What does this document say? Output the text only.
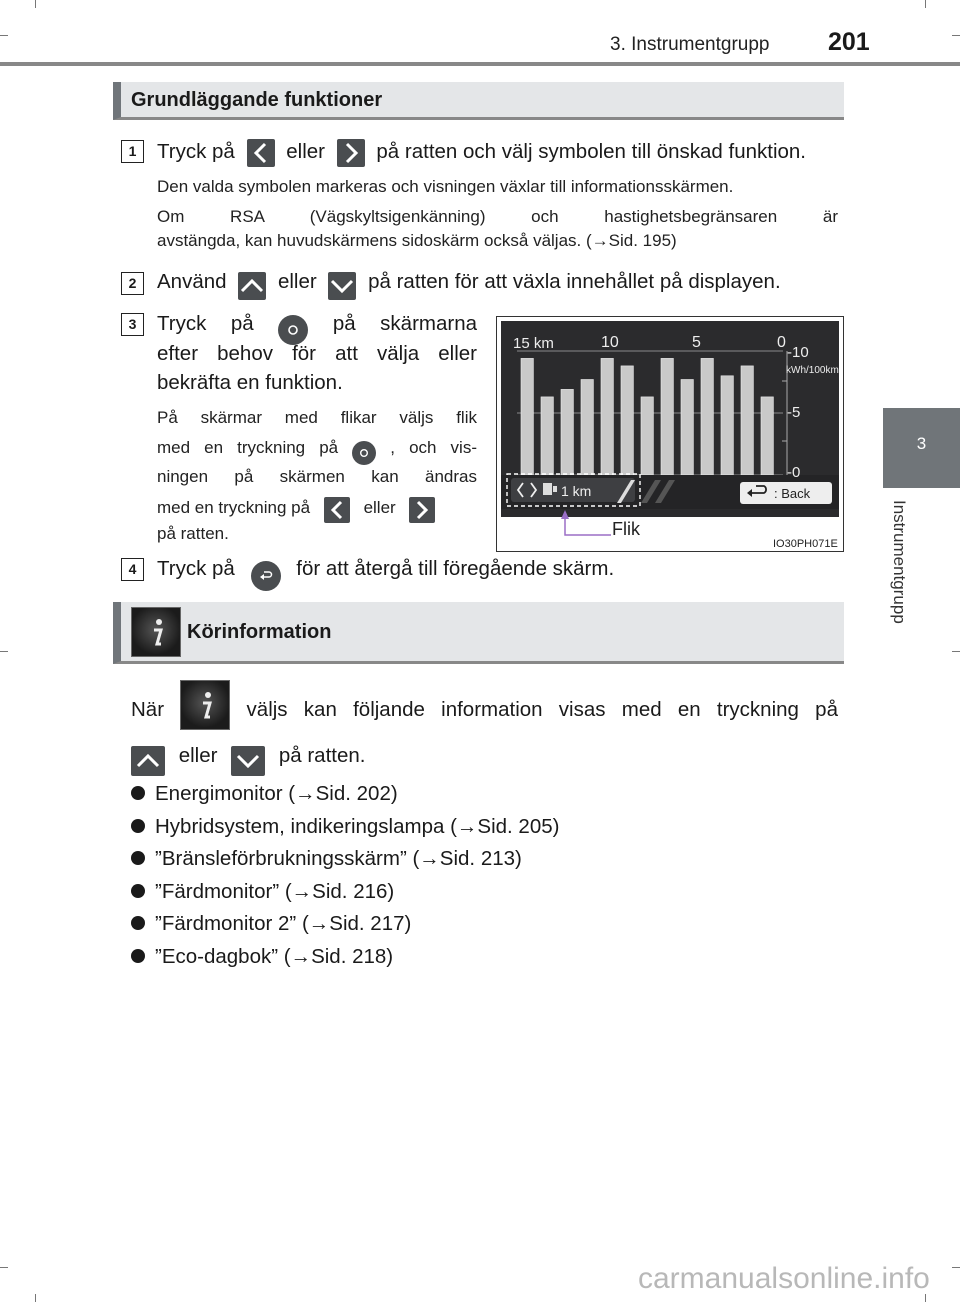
3. Instrumentgrupp 201
3
Instrumentgrupp
Grundläggande funktioner
1	Tryck på	eller	på ratten och välj symbolen till önskad funktion.
Den valda symbolen markeras och visningen växlar till informationsskärmen.
Om RSA (Vägskyltsigenkänning) och hastighetsbegränsaren är
avstängda, kan huvudskärmens sidoskärm också väljas. (→Sid. 195)
2	Använd	eller	på ratten för att växla innehållet på displayen.
3	Tryck på	på skärmarna
efter behov för att välja eller
bekräfta en funktion.
På skärmar med flikar väljs flik
med en tryckning på	, och vis-
ningen på skärmen kan ändras
med en tryckning på	eller
på ratten.
1 km	: Back
15 km	10	5	0
-10
kWh/100km
-5
-0
Flik
IO30PH071E
4	Tryck på	för att återgå till föregående skärm.
Körinformation
När	väljs kan följande information visas med en tryckning på
eller	på ratten.
Energimonitor (→Sid. 202)
Hybridsystem, indikeringslampa (→Sid. 205)
”Bränsleförbrukningsskärm” (→Sid. 213)
”Färdmonitor” (→Sid. 216)
”Färdmonitor 2” (→Sid. 217)
”Eco-dagbok” (→Sid. 218)
carmanualsonline.info
